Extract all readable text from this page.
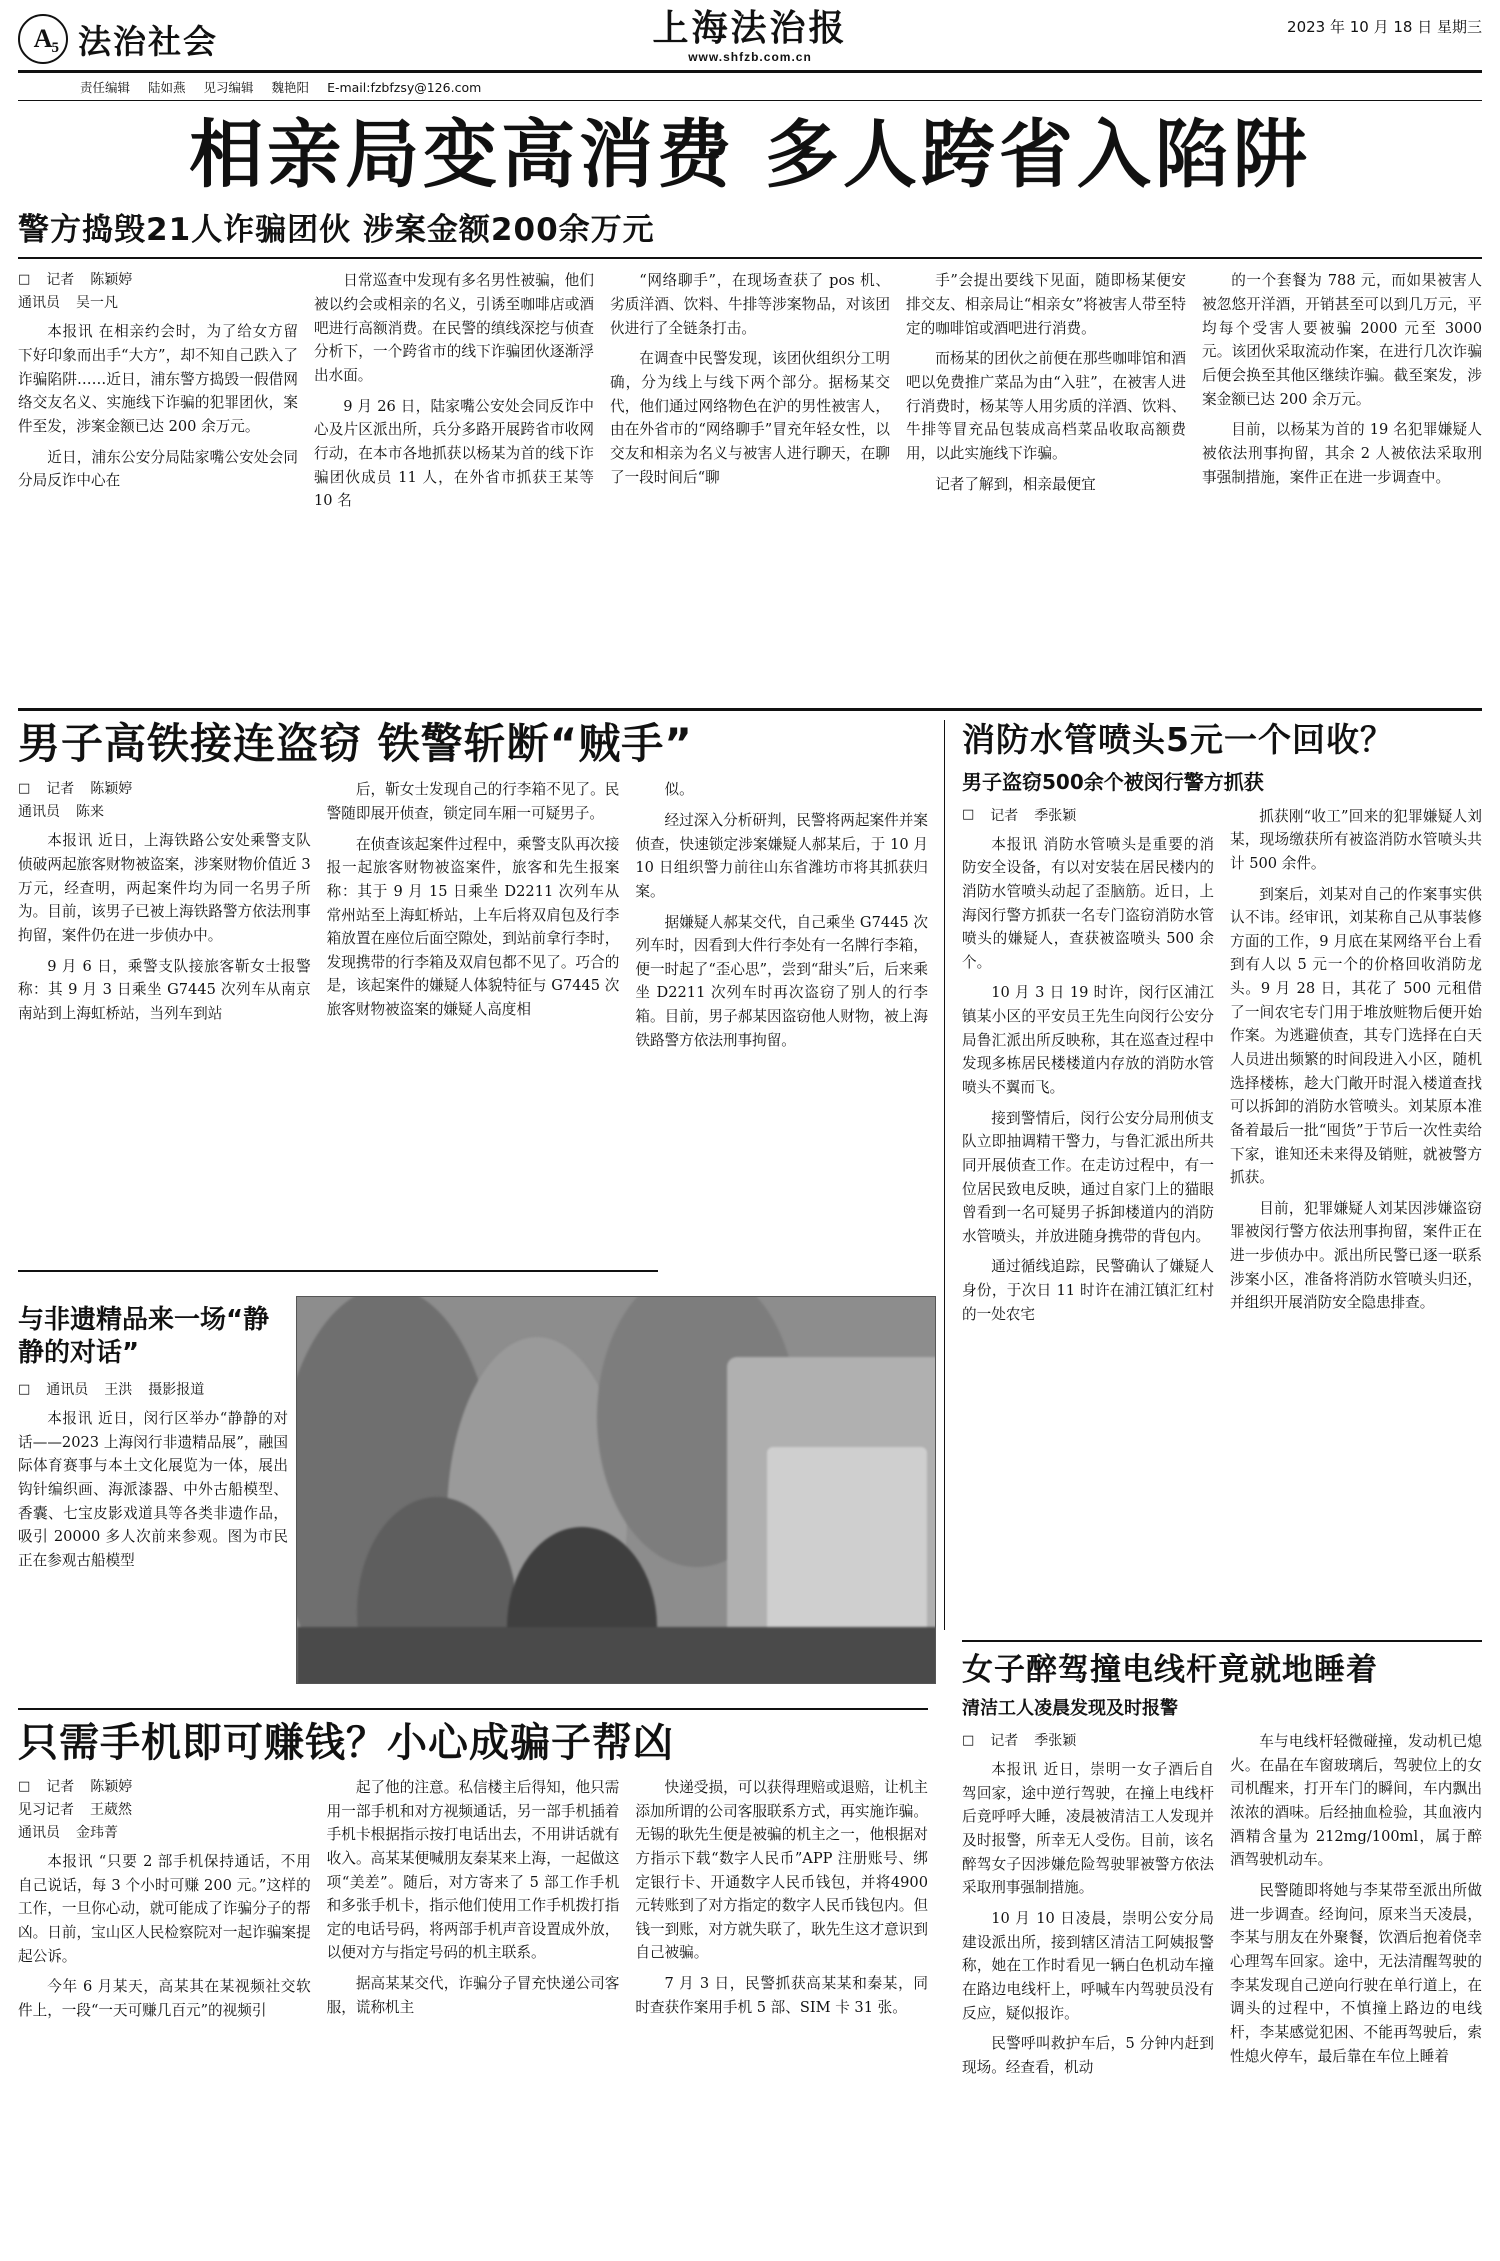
A 5 法治社会	上海法治报
www.shfzb.com.cn
2023 年 10 月 18 日 星期三
责任编辑 陆如燕 见习编辑 魏艳阳 E-mail:fzbfzsy@126.com
相亲局变高消费 多人跨省入陷阱
警方捣毁21人诈骗团伙 涉案金额200余万元
□ 记者 陈颖婷
通讯员 吴一凡

本报讯 在相亲约会时，为了给女方留下好印象而出手“大方”，却不知自己跌入了诈骗陷阱……近日，浦东警方捣毁一假借网络交友名义、实施线下诈骗的犯罪团伙，案件至发，涉案金额已达 200 余万元。

近日，浦东公安分局陆家嘴公安处会同分局反诈中心在

日常巡查中发现有多名男性被骗，他们被以约会或相亲的名义，引诱至咖啡店或酒吧进行高额消费。在民警的缜线深挖与侦查分析下，一个跨省市的线下诈骗团伙逐渐浮出水面。

9 月 26 日，陆家嘴公安处会同反诈中心及片区派出所，兵分多路开展跨省市收网行动，在本市各地抓获以杨某为首的线下诈骗团伙成员 11 人，在外省市抓获王某等 10 名

“网络聊手”，在现场查获了 pos 机、劣质洋酒、饮料、牛排等涉案物品，对该团伙进行了全链条打击。

在调查中民警发现，该团伙组织分工明确，分为线上与线下两个部分。据杨某交代，他们通过网络物色在沪的男性被害人，由在外省市的“网络聊手”冒充年轻女性，以交友和相亲为名义与被害人进行聊天，在聊了一段时间后“聊

手”会提出要线下见面，随即杨某便安排交友、相亲局让“相亲女”将被害人带至特定的咖啡馆或酒吧进行消费。

而杨某的团伙之前便在那些咖啡馆和酒吧以免费推广菜品为由“入驻”，在被害人进行消费时，杨某等人用劣质的洋酒、饮料、牛排等冒充品包装成高档菜品收取高额费用，以此实施线下诈骗。

记者了解到，相亲最便宜

的一个套餐为 788 元，而如果被害人被忽悠开洋酒，开销甚至可以到几万元，平均每个受害人要被骗 2000 元至 3000 元。该团伙采取流动作案，在进行几次诈骗后便会换至其他区继续诈骗。截至案发，涉案金额已达 200 余万元。

目前，以杨某为首的 19 名犯罪嫌疑人被依法刑事拘留，其余 2 人被依法采取刑事强制措施，案件正在进一步调查中。

男子高铁接连盗窃 铁警斩断“贼手”
□ 记者 陈颖婷
通讯员 陈来

本报讯 近日，上海铁路公安处乘警支队侦破两起旅客财物被盗案，涉案财物价值近 3 万元，经查明，两起案件均为同一名男子所为。目前，该男子已被上海铁路警方依法刑事拘留，案件仍在进一步侦办中。

9 月 6 日，乘警支队接旅客靳女士报警称：其 9 月 3 日乘坐 G7445 次列车从南京南站到上海虹桥站，当列车到站

后，靳女士发现自己的行李箱不见了。民警随即展开侦查，锁定同车厢一可疑男子。

在侦查该起案件过程中，乘警支队再次接报一起旅客财物被盗案件，旅客和先生报案称：其于 9 月 15 日乘坐 D2211 次列车从常州站至上海虹桥站，上车后将双肩包及行李箱放置在座位后面空隙处，到站前拿行李时，发现携带的行李箱及双肩包都不见了。巧合的是，该起案件的嫌疑人体貌特征与 G7445 次旅客财物被盗案的嫌疑人高度相

似。

经过深入分析研判，民警将两起案件并案侦查，快速锁定涉案嫌疑人郝某后，于 10 月 10 日组织警力前往山东省潍坊市将其抓获归案。

据嫌疑人郝某交代，自己乘坐 G7445 次列车时，因看到大件行李处有一名牌行李箱，便一时起了“歪心思”，尝到“甜头”后，后来乘坐 D2211 次列车时再次盗窃了别人的行李箱。目前，男子郝某因盗窃他人财物，被上海铁路警方依法刑事拘留。

消防水管喷头5元一个回收？
男子盗窃500余个被闵行警方抓获
□ 记者 季张颖

本报讯 消防水管喷头是重要的消防安全设备，有以对安装在居民楼内的消防水管喷头动起了歪脑筋。近日，上海闵行警方抓获一名专门盗窃消防水管喷头的嫌疑人，查获被盗喷头 500 余个。

10 月 3 日 19 时许，闵行区浦江镇某小区的平安员王先生向闵行公安分局鲁汇派出所反映称，其在巡查过程中发现多栋居民楼楼道内存放的消防水管喷头不翼而飞。

接到警情后，闵行公安分局刑侦支队立即抽调精干警力，与鲁汇派出所共同开展侦查工作。在走访过程中，有一位居民致电反映，通过自家门上的猫眼曾看到一名可疑男子拆卸楼道内的消防水管喷头，并放进随身携带的背包内。

通过循线追踪，民警确认了嫌疑人身份，于次日 11 时许在浦江镇汇红村的一处农宅

抓获刚“收工”回来的犯罪嫌疑人刘某，现场缴获所有被盗消防水管喷头共计 500 余件。

到案后，刘某对自己的作案事实供认不讳。经审讯，刘某称自己从事装修方面的工作，9 月底在某网络平台上看到有人以 5 元一个的价格回收消防龙头。9 月 28 日，其花了 500 元租借了一间农宅专门用于堆放赃物后便开始作案。为逃避侦查，其专门选择在白天人员进出频繁的时间段进入小区，随机选择楼栋，趁大门敞开时混入楼道查找可以拆卸的消防水管喷头。刘某原本准备着最后一批“囤货”于节后一次性卖给下家，谁知还未来得及销赃，就被警方抓获。

目前，犯罪嫌疑人刘某因涉嫌盗窃罪被闵行警方依法刑事拘留，案件正在进一步侦办中。派出所民警已逐一联系涉案小区，准备将消防水管喷头归还，并组织开展消防安全隐患排查。

与非遗精品来一场“静静的对话”
□ 通讯员 王洪 摄影报道

本报讯 近日，闵行区举办“静静的对话——2023 上海闵行非遗精品展”，融国际体育赛事与本土文化展览为一体，展出钩针编织画、海派漆器、中外古船模型、香囊、七宝皮影戏道具等各类非遗作品，吸引 20000 多人次前来参观。图为市民正在参观古船模型

只需手机即可赚钱？小心成骗子帮凶
□ 记者 陈颖婷
见习记者 王葳然
通讯员 金玮菁

本报讯 “只要 2 部手机保持通话，不用自己说话，每 3 个小时可赚 200 元。”这样的工作，一旦你心动，就可能成了诈骗分子的帮凶。日前，宝山区人民检察院对一起诈骗案提起公诉。

今年 6 月某天，高某其在某视频社交软件上，一段“一天可赚几百元”的视频引

起了他的注意。私信楼主后得知，他只需用一部手机和对方视频通话，另一部手机插着手机卡根据指示按打电话出去，不用讲话就有收入。高某某便喊朋友秦某来上海，一起做这项“美差”。随后，对方寄来了 5 部工作手机和多张手机卡，指示他们使用工作手机拨打指定的电话号码，将两部手机声音设置成外放，以便对方与指定号码的机主联系。

据高某某交代，诈骗分子冒充快递公司客服，谎称机主

快递受损，可以获得理赔或退赔，让机主添加所谓的公司客服联系方式，再实施诈骗。无锡的耿先生便是被骗的机主之一，他根据对方指示下载“数字人民币”APP 注册账号、绑定银行卡、开通数字人民币钱包，并将4900元转账到了对方指定的数字人民币钱包内。但钱一到账，对方就失联了，耿先生这才意识到自己被骗。

7 月 3 日，民警抓获高某某和秦某，同时查获作案用手机 5 部、SIM 卡 31 张。

女子醉驾撞电线杆竟就地睡着
清洁工人凌晨发现及时报警
□ 记者 季张颖

本报讯 近日，崇明一女子酒后自驾回家，途中逆行驾驶，在撞上电线杆后竟呼呼大睡，凌晨被清洁工人发现并及时报警，所幸无人受伤。目前，该名醉驾女子因涉嫌危险驾驶罪被警方依法采取刑事强制措施。

10 月 10 日凌晨，崇明公安分局建设派出所，接到辖区清洁工阿姨报警称，她在工作时看见一辆白色机动车撞在路边电线杆上，呼喊车内驾驶员没有反应，疑似报诈。

民警呼叫救护车后，5 分钟内赶到现场。经查看，机动

车与电线杆轻微碰撞，发动机已熄火。在晶在车窗玻璃后，驾驶位上的女司机醒来，打开车门的瞬间，车内飘出浓浓的酒味。后经抽血检验，其血液内酒精含量为 212mg/100ml，属于醉酒驾驶机动车。

民警随即将她与李某带至派出所做进一步调查。经询问，原来当天凌晨，李某与朋友在外聚餐，饮酒后抱着侥幸心理驾车回家。途中，无法清醒驾驶的李某发现自己逆向行驶在单行道上，在调头的过程中，不慎撞上路边的电线杆，李某感觉犯困、不能再驾驶后，索性熄火停车，最后靠在车位上睡着
